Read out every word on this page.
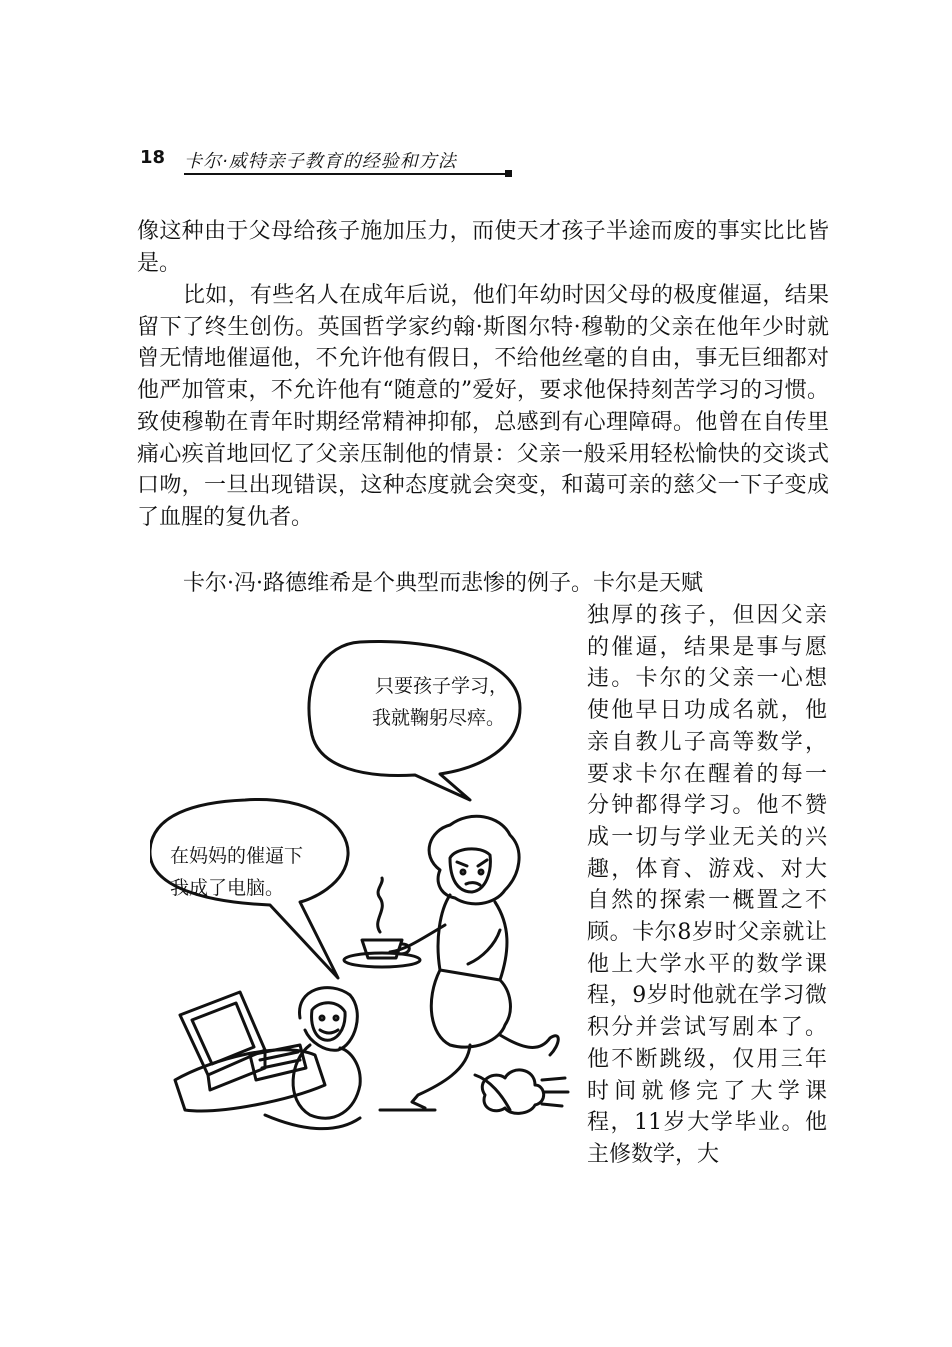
18 卡尔·威特亲子教育的经验和方法

像这种由于父母给孩子施加压力，而使天才孩子半途而废的事实比比皆是。

比如，有些名人在成年后说，他们年幼时因父母的极度催逼，结果留下了终生创伤。英国哲学家约翰·斯图尔特·穆勒的父亲在他年少时就曾无情地催逼他，不允许他有假日，不给他丝毫的自由，事无巨细都对他严加管束，不允许他有“随意的”爱好，要求他保持刻苦学习的习惯。致使穆勒在青年时期经常精神抑郁，总感到有心理障碍。他曾在自传里痛心疾首地回忆了父亲压制他的情景：父亲一般采用轻松愉快的交谈式口吻，一旦出现错误，这种态度就会突变，和蔼可亲的慈父一下子变成了血腥的复仇者。

卡尔·冯·路德维希是个典型而悲惨的例子。卡尔是天赋

独厚的孩子，但因父亲的催逼，结果是事与愿违。卡尔的父亲一心想使他早日功成名就，他亲自教儿子高等数学，要求卡尔在醒着的每一分钟都得学习。他不赞成一切与学业无关的兴趣，体育、游戏、对大自然的探索一概置之不顾。卡尔8岁时父亲就让他上大学水平的数学课程，9岁时他就在学习微积分并尝试写剧本了。他不断跳级，仅用三年时间就修完了大学课程，11岁大学毕业。他主修数学，大

只要孩子学习，
我就鞠躬尽瘁。
在妈妈的催逼下
我成了电脑。
